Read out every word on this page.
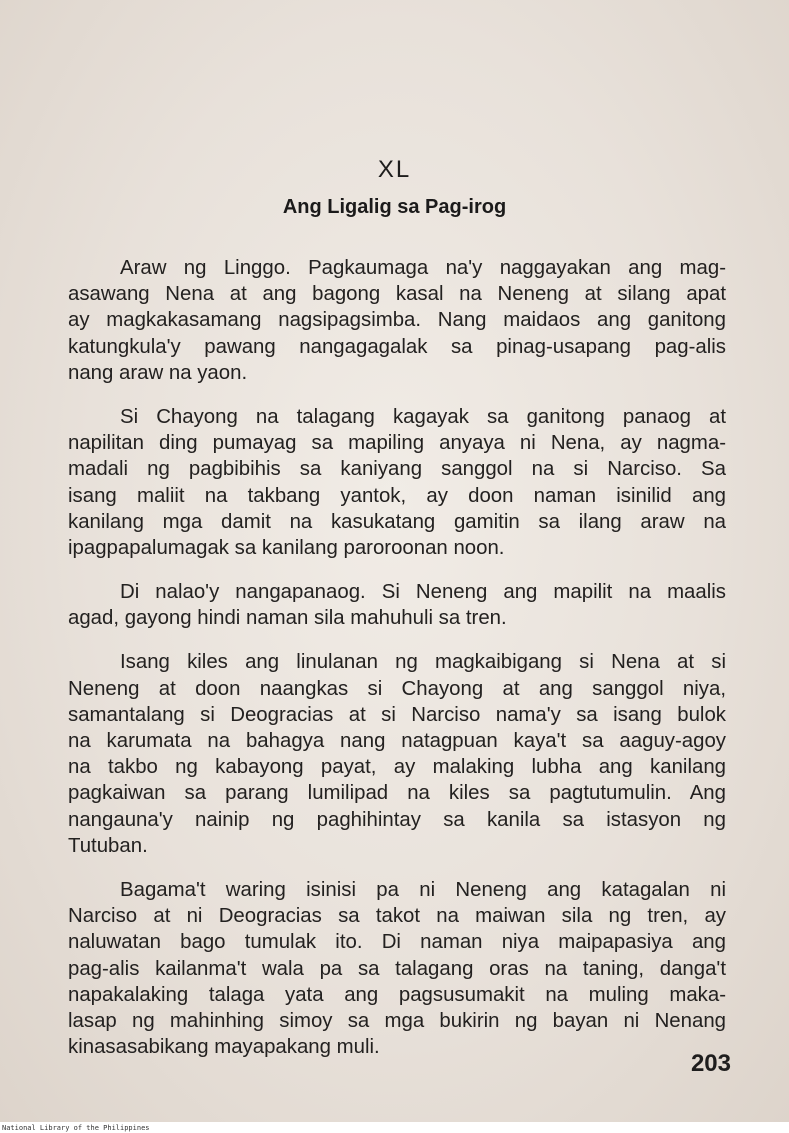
XL
Ang Ligalig sa Pag-irog
Araw ng Linggo. Pagkaumaga na'y naggayakan ang mag-
asawang Nena at ang bagong kasal na Neneng at silang apat
ay magkakasamang nagsipagsimba. Nang maidaos ang ganitong
katungkula'y pawang nangagagalak sa pinag-usapang pag-alis
nang araw na yaon.
Si Chayong na talagang kagayak sa ganitong panaog at
napilitan ding pumayag sa mapiling anyaya ni Nena, ay nagma-
madali ng pagbibihis sa kaniyang sanggol na si Narciso. Sa
isang maliit na takbang yantok, ay doon naman isinilid ang
kanilang mga damit na kasukatang gamitin sa ilang araw na
ipagpapalumagak sa kanilang paroroonan noon.
Di nalao'y nangapanaog. Si Neneng ang mapilit na maalis
agad, gayong hindi naman sila mahuhuli sa tren.
Isang kiles ang linulanan ng magkaibigang si Nena at si
Neneng at doon naangkas si Chayong at ang sanggol niya,
samantalang si Deogracias at si Narciso nama'y sa isang bulok
na karumata na bahagya nang natagpuan kaya't sa aaguy-agoy
na takbo ng kabayong payat, ay malaking lubha ang kanilang
pagkaiwan sa parang lumilipad na kiles sa pagtutumulin. Ang
nangauna'y nainip ng paghihintay sa kanila sa istasyon ng
Tutuban.
Bagama't waring isinisi pa ni Neneng ang katagalan ni
Narciso at ni Deogracias sa takot na maiwan sila ng tren, ay
naluwatan bago tumulak ito. Di naman niya maipapasiya ang
pag-alis kailanma't wala pa sa talagang oras na taning, danga't
napakalaking talaga yata ang pagsusumakit na muling maka-
lasap ng mahinhing simoy sa mga bukirin ng bayan ni Nenang
kinasasabikang mayapakang muli.
203
National Library of the Philippines
